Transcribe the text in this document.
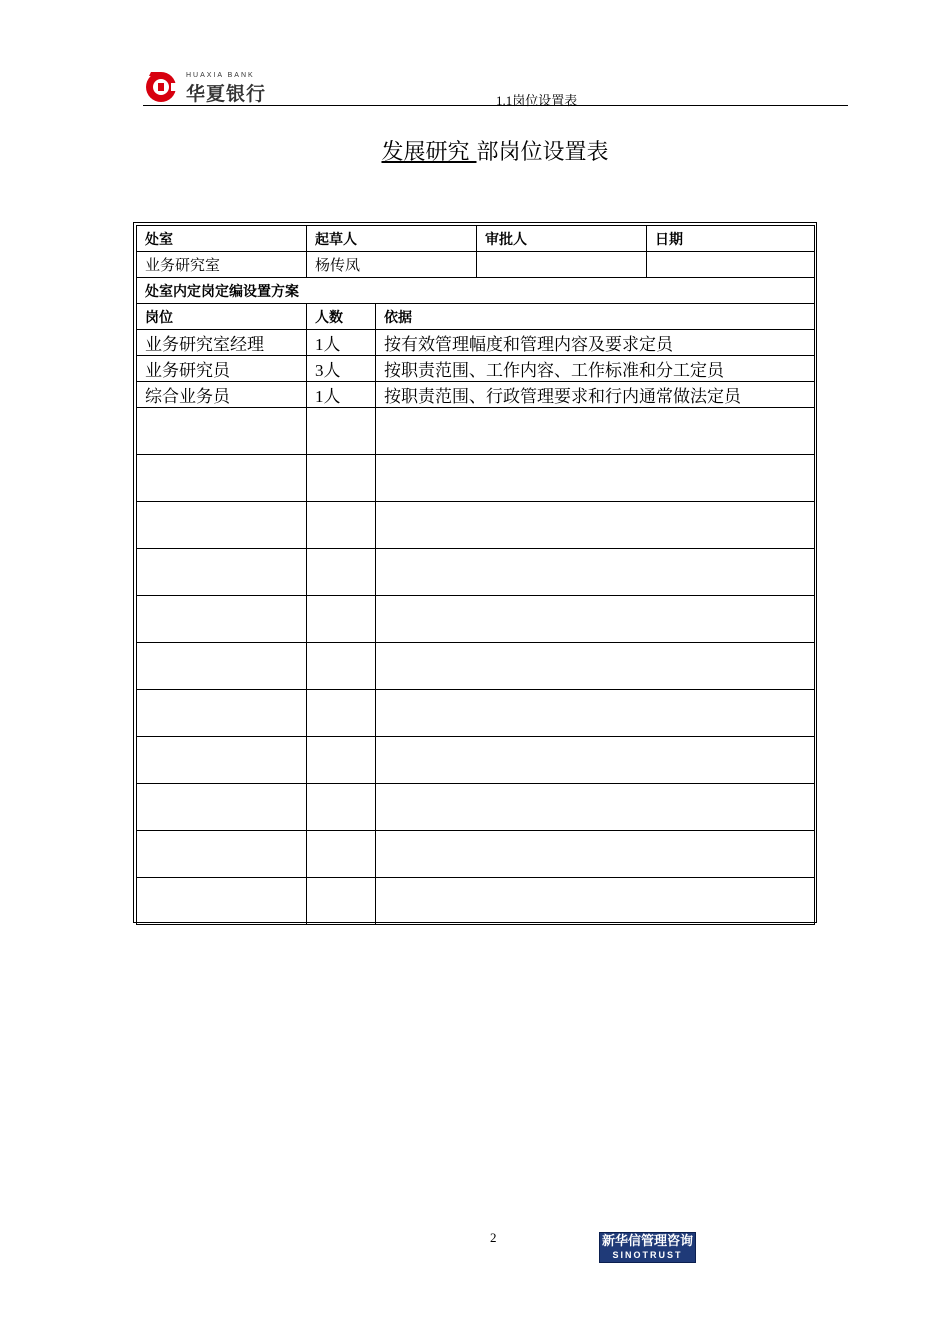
HUAXIA BANK
华夏银行	1.1岗位设置表
发展研究 部岗位设置表
处室	起草人		审批人	日期
业务研究室	杨传凤			
处室内定岗定编设置方案				
岗位	人数	依据		
业务研究室经理	1人	按有效管理幅度和管理内容及要求定员		
业务研究员	3人	按职责范围、工作内容、工作标准和分工定员		
综合业务员	1人	按职责范围、行政管理要求和行内通常做法定员		

2	新华信管理咨询
SINOTRUST
